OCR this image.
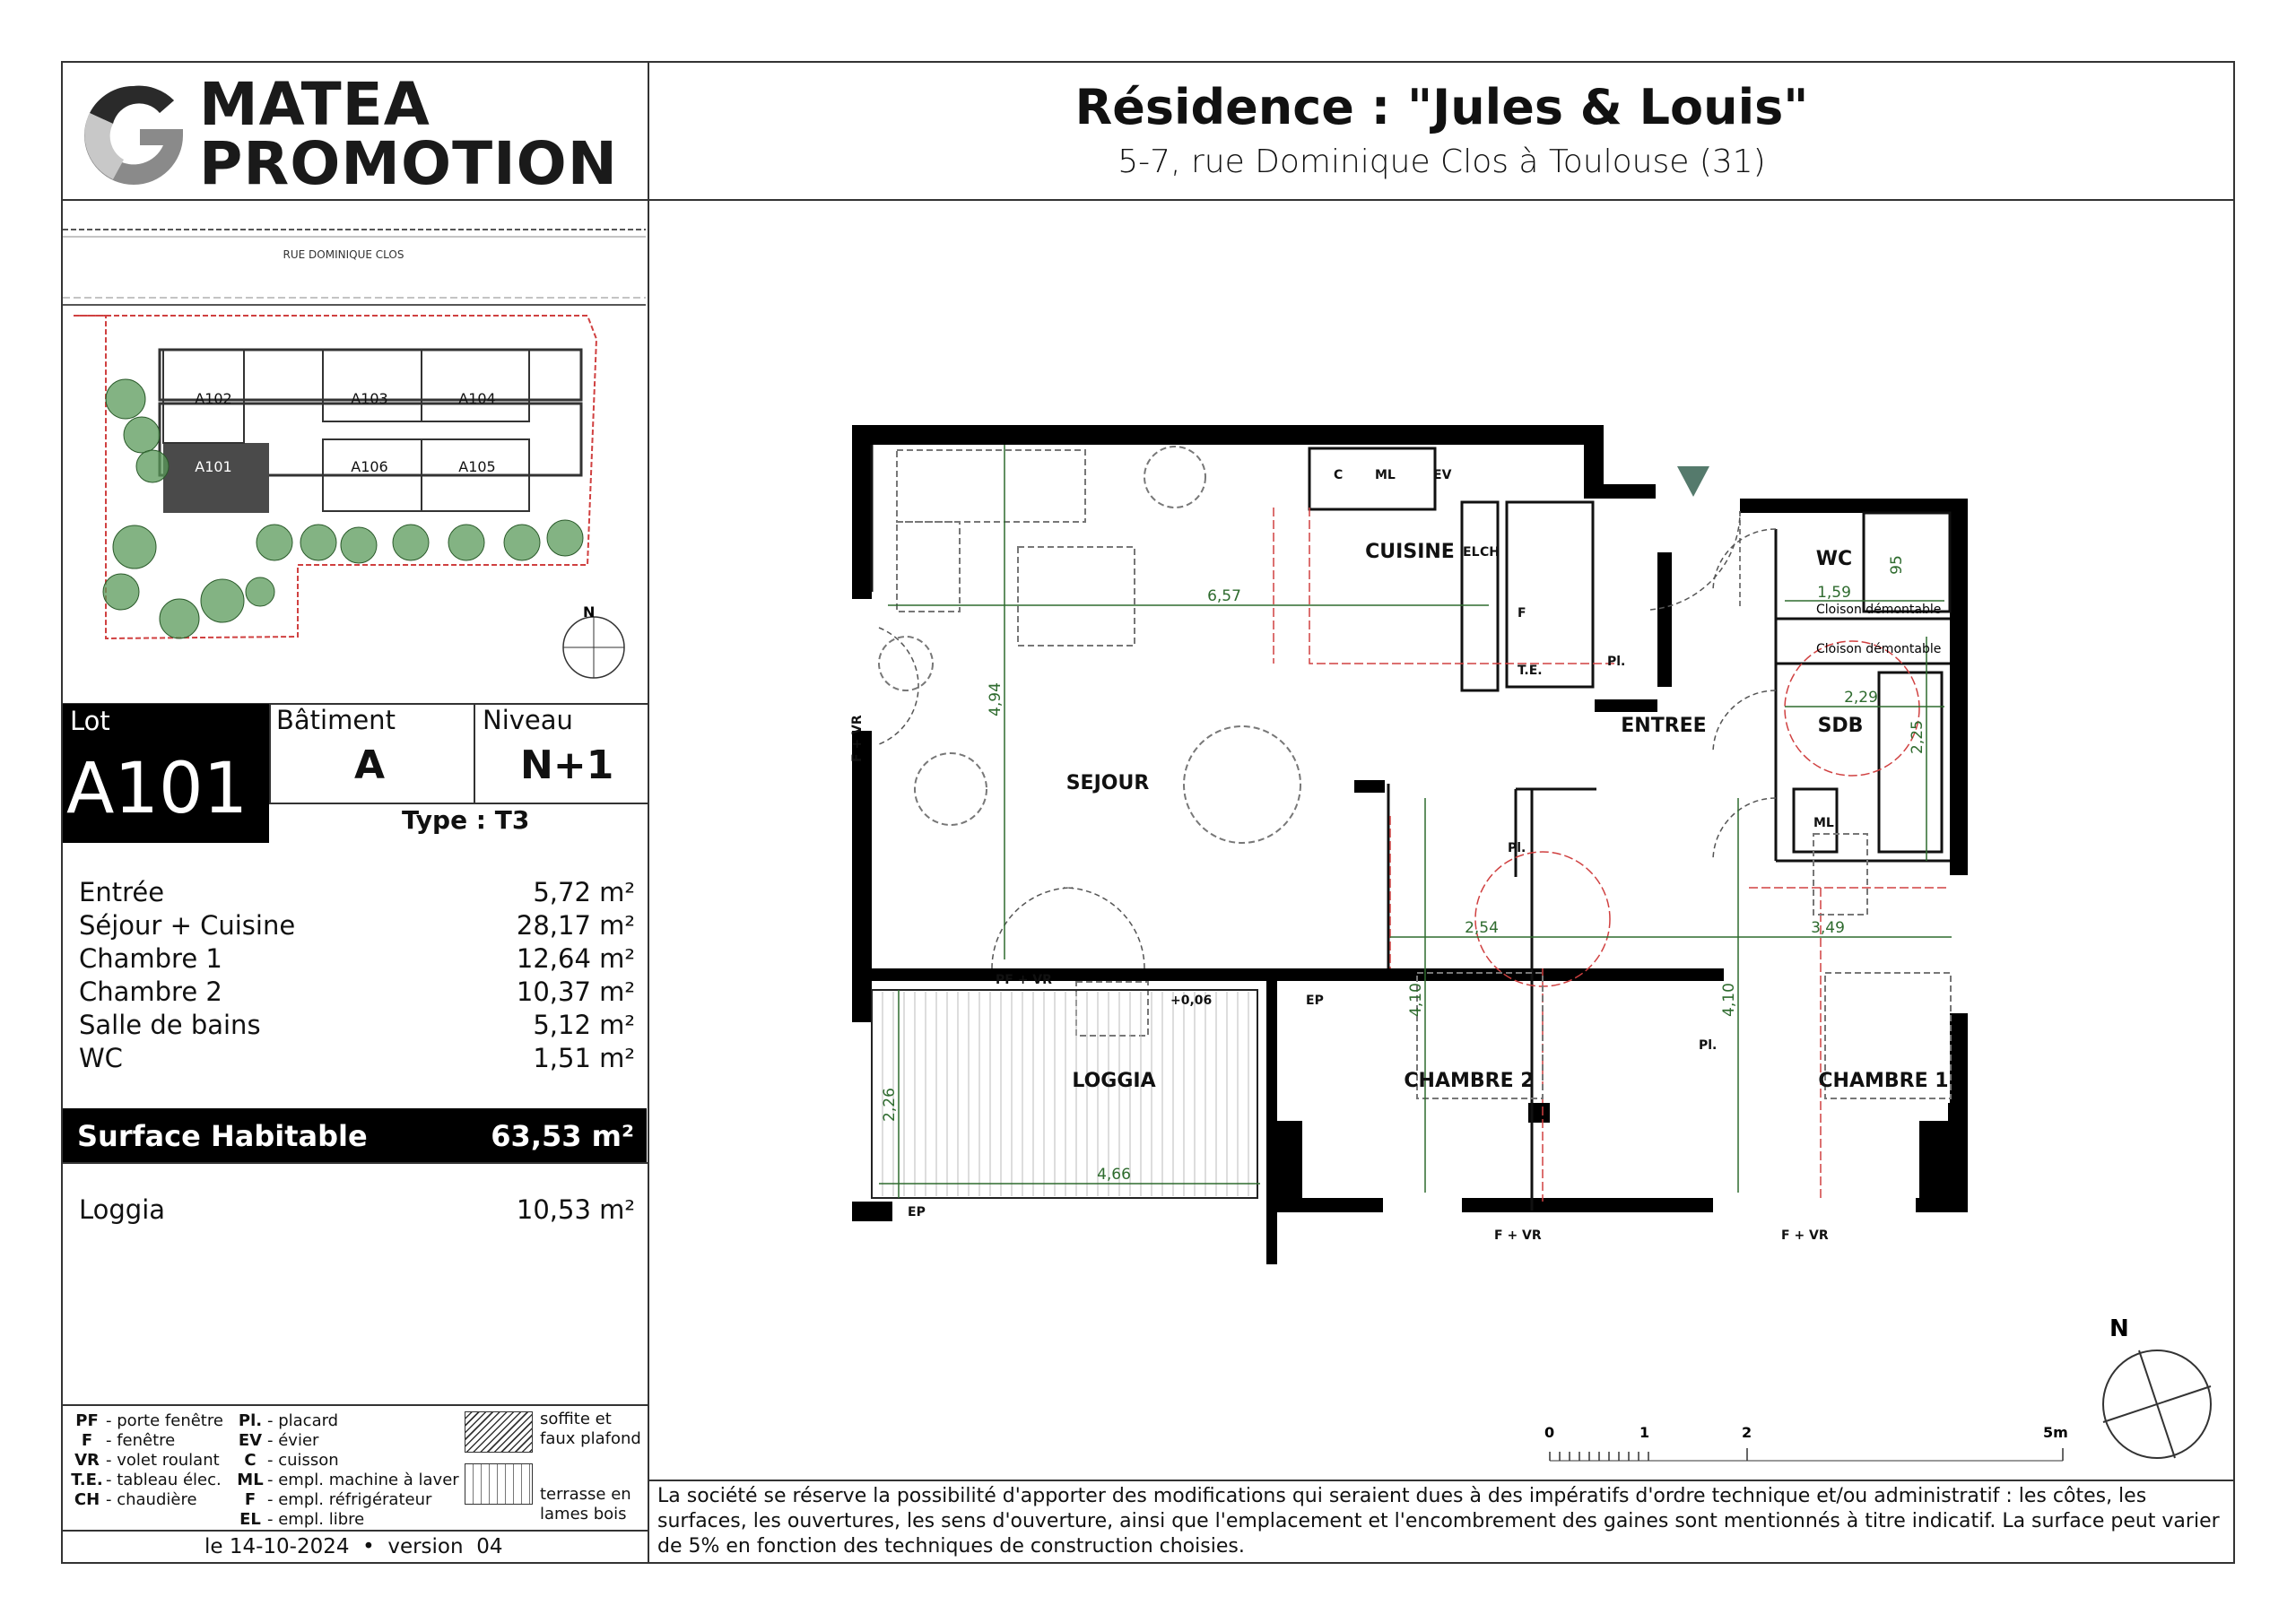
MATEA
PROMOTION
Résidence : "Jules & Louis"
5-7, rue Dominique Clos à Toulouse (31)
RUE DOMINIQUE CLOS
A102	A103	A104
A101	A106	A105
N
Lot
A101
Bâtiment
A
Niveau
N+1
Type : T3
Entrée	5,72 m²
Séjour + Cuisine	28,17 m²
Chambre 1	12,64 m²
Chambre 2	10,37 m²
Salle de bains	5,12 m²
WC	1,51 m²
Surface Habitable	63,53 m²
Loggia	10,53 m²
PF - porte fenêtre
F - fenêtre
VR - volet roulant
T.E. - tableau élec.
CH - chaudière
Pl. - placard
EV - évier
C - cuisson
ML - empl. machine à laver
F - empl. réfrigérateur
EL - empl. libre
soffite et faux plafond
terrasse en lames bois
le 14-10-2024  •  version  04
La société se réserve la possibilité d'apporter des modifications qui seraient dues à des impératifs d'ordre technique et/ou administratif : les côtes, les surfaces, les ouvertures, les sens d'ouverture, ainsi que l'emplacement et l'encombrement des gaines sont mentionnés à titre indicatif. La surface peut varier de 5% en fonction des techniques de construction choisies.
SEJOUR
CUISINE
ENTREE
WC
SDB
CHAMBRE 1
CHAMBRE 2
LOGGIA
C	ML	EV
EL CH
F
T.E.
Pl.
Pl.
Pl.
ML
PF + VR
F + VR
F + VR	F + VR
EP
EP
+0,06
Cloison démontable
Cloison démontable
6,57
4,94
1,59
95
2,29
2,25
2,54	3,49
4,10	4,10
2,26
4,66
0	1	2	5m
N
